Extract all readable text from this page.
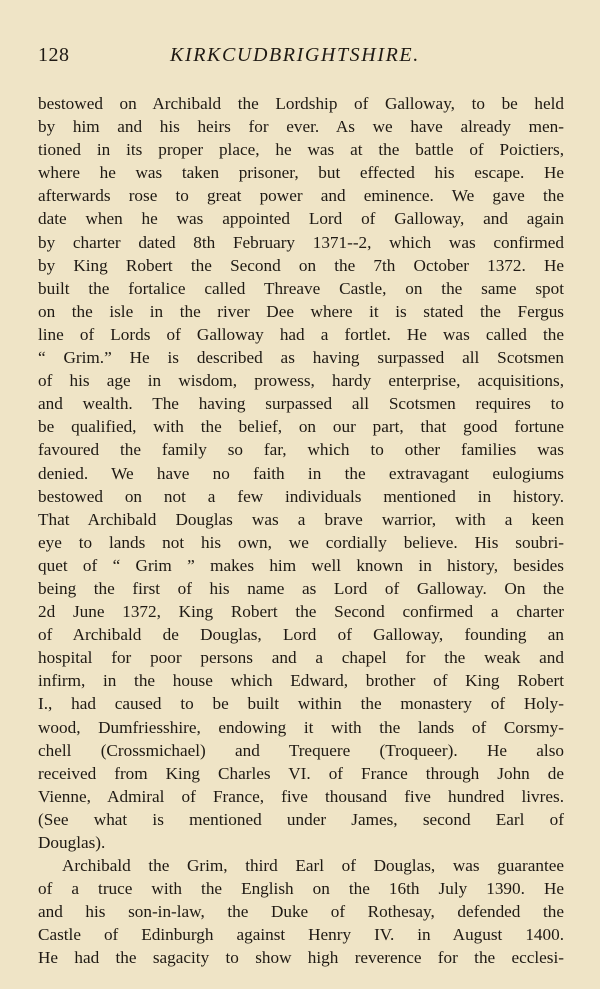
128	KIRKCUDBRIGHTSHIRE.
bestowed on Archibald the Lordship of Galloway, to be held
by him and his heirs for ever. As we have already men-
tioned in its proper place, he was at the battle of Poictiers,
where he was taken prisoner, but effected his escape. He
afterwards rose to great power and eminence. We gave the
date when he was appointed Lord of Galloway, and again
by charter dated 8th February 1371--2, which was confirmed
by King Robert the Second on the 7th October 1372. He
built the fortalice called Threave Castle, on the same spot
on the isle in the river Dee where it is stated the Fergus
line of Lords of Galloway had a fortlet. He was called the
“ Grim.” He is described as having surpassed all Scotsmen
of his age in wisdom, prowess, hardy enterprise, acquisitions,
and wealth. The having surpassed all Scotsmen requires to
be qualified, with the belief, on our part, that good fortune
favoured the family so far, which to other families was
denied. We have no faith in the extravagant eulogiums
bestowed on not a few individuals mentioned in history.
That Archibald Douglas was a brave warrior, with a keen
eye to lands not his own, we cordially believe. His soubri-
quet of “ Grim ” makes him well known in history, besides
being the first of his name as Lord of Galloway. On the
2d June 1372, King Robert the Second confirmed a charter
of Archibald de Douglas, Lord of Galloway, founding an
hospital for poor persons and a chapel for the weak and
infirm, in the house which Edward, brother of King Robert
I., had caused to be built within the monastery of Holy-
wood, Dumfriesshire, endowing it with the lands of Corsmy-
chell (Crossmichael) and Trequere (Troqueer). He also
received from King Charles VI. of France through John de
Vienne, Admiral of France, five thousand five hundred livres.
(See what is mentioned under James, second Earl of
Douglas).
Archibald the Grim, third Earl of Douglas, was guarantee
of a truce with the English on the 16th July 1390. He
and his son-in-law, the Duke of Rothesay, defended the
Castle of Edinburgh against Henry IV. in August 1400.
He had the sagacity to show high reverence for the ecclesi-
